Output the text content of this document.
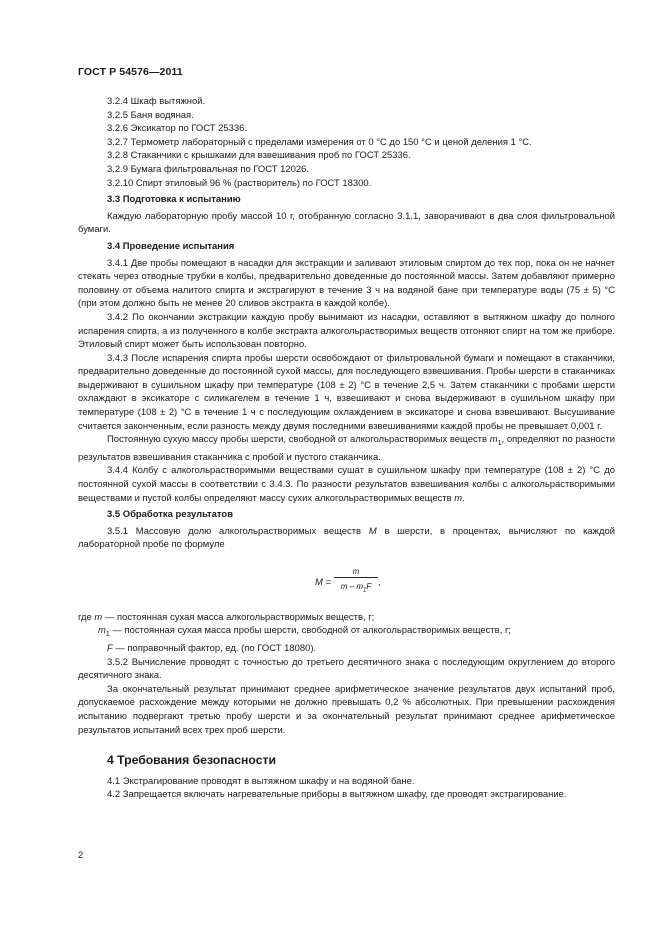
ГОСТ Р 54576—2011

3.2.4 Шкаф вытяжной.

3.2.5 Баня водяная.

3.2.6 Эксикатор по ГОСТ 25336.

3.2.7 Термометр лабораторный с пределами измерения от 0 °С до 150 °С и ценой деления 1 °С.

3.2.8 Стаканчики с крышками для взвешивания проб по ГОСТ 25336.

3.2.9 Бумага фильтровальная по ГОСТ 12026.

3.2.10 Спирт этиловый 96 % (растворитель) по ГОСТ 18300.

3.3 Подготовка к испытанию

Каждую лабораторную пробу массой 10 г, отобранную согласно 3.1.1, заворачивают в два слоя фильтровальной бумаги.

3.4 Проведение испытания

3.4.1 Две пробы помещают в насадки для экстракции и заливают этиловым спиртом до тех пор, пока он не начнет стекать через отводные трубки в колбы, предварительно доведенные до постоянной массы. Затем добавляют примерно половину от объема налитого спирта и экстрагируют в течение 3 ч на водяной бане при температуре воды (75 ± 5) °С (при этом должно быть не менее 20 сливов экстракта в каждой колбе).

3.4.2 По окончании экстракции каждую пробу вынимают из насадки, оставляют в вытяжном шкафу до полного испарения спирта, а из полученного в колбе экстракта алкогольрастворимых веществ отгоняют спирт на том же приборе. Этиловый спирт может быть использован повторно.

3.4.3 После испарения спирта пробы шерсти освобождают от фильтровальной бумаги и помещают в стаканчики, предварительно доведенные до постоянной сухой массы, для последующего взвешивания. Пробы шерсти в стаканчиках выдерживают в сушильном шкафу при температуре (108 ± 2) °С в течение 2,5 ч. Затем стаканчики с пробами шерсти охлаждают в эксикаторе с силикагелем в течение 1 ч, взвешивают и снова выдерживают в сушильном шкафу при температуре (108 ± 2) °С в течение 1 ч с последующим охлаждением в эксикаторе и снова взвешивают. Высушивание считается законченным, если разность между двумя последними взвешиваниями каждой пробы не превышает 0,001 г.

Постоянную сухую массу пробы шерсти, свободной от алкогольрастворимых веществ $m_1$, определяют по разности результатов взвешивания стаканчика с пробой и пустого стаканчика.

3.4.4 Колбу с алкогольрастворимыми веществами сушат в сушильном шкафу при температуре (108 ± 2) °С до постоянной сухой массы в соответствии с 3.4.3. По разности результатов взвешивания колбы с алкогольрастворимыми веществами и пустой колбы определяют массу сухих алкогольрастворимых веществ m.

3.5 Обработка результатов

3.5.1 Массовую долю алкогольрастворимых веществ M в шерсти, в процентах, вычисляют по каждой лабораторной пробе по формуле

M =
m
m – $m_1F$ ,

где m — постоянная сухая масса алкогольрастворимых веществ, г;

$m_1$ — постоянная сухая масса пробы шерсти, свободной от алкогольрастворимых веществ, г;

F — поправочный фактор, ед. (по ГОСТ 18080).

3.5.2 Вычисление проводят с точностью до третьего десятичного знака с последующим округлением до второго десятичного знака.

За окончательный результат принимают среднее арифметическое значение результатов двух испытаний проб, допускаемое расхождение между которыми не должно превышать 0,2 % абсолютных. При превышении расхождения испытанию подвергают третью пробу шерсти и за окончательный результат принимают среднее арифметическое результатов испытаний всех трех проб шерсти.

4 Требования безопасности

4.1 Экстрагирование проводят в вытяжном шкафу и на водяной бане.

4.2 Запрещается включать нагревательные приборы в вытяжном шкафу, где проводят экстрагирование.

2
